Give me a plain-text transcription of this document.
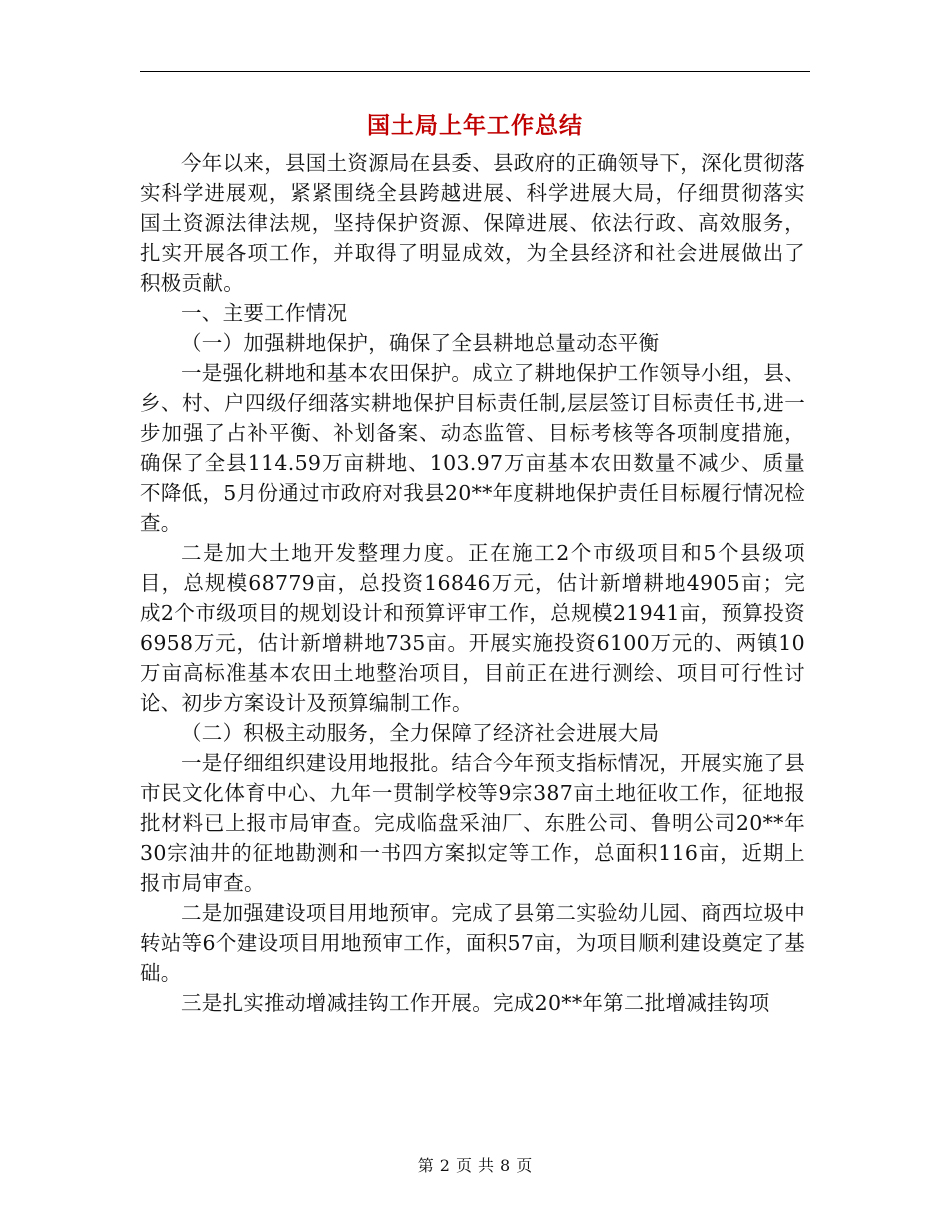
国土局上年工作总结

今年以来，县国土资源局在县委、县政府的正确领导下，深化贯彻落实科学进展观，紧紧围绕全县跨越进展、科学进展大局，仔细贯彻落实国土资源法律法规，坚持保护资源、保障进展、依法行政、高效服务，扎实开展各项工作，并取得了明显成效，为全县经济和社会进展做出了积极贡献。

一、主要工作情况

（一）加强耕地保护，确保了全县耕地总量动态平衡

一是强化耕地和基本农田保护。成立了耕地保护工作领导小组，县、乡、村、户四级仔细落实耕地保护目标责任制,层层签订目标责任书,进一步加强了占补平衡、补划备案、动态监管、目标考核等各项制度措施，确保了全县114.59万亩耕地、103.97万亩基本农田数量不减少、质量不降低，5月份通过市政府对我县20**年度耕地保护责任目标履行情况检查。

二是加大土地开发整理力度。正在施工2个市级项目和5个县级项目，总规模68779亩，总投资16846万元，估计新增耕地4905亩；完成2个市级项目的规划设计和预算评审工作，总规模21941亩，预算投资6958万元，估计新增耕地735亩。开展实施投资6100万元的、两镇10万亩高标准基本农田土地整治项目，目前正在进行测绘、项目可行性讨论、初步方案设计及预算编制工作。

（二）积极主动服务，全力保障了经济社会进展大局

一是仔细组织建设用地报批。结合今年预支指标情况，开展实施了县市民文化体育中心、九年一贯制学校等9宗387亩土地征收工作，征地报批材料已上报市局审查。完成临盘采油厂、东胜公司、鲁明公司20**年30宗油井的征地勘测和一书四方案拟定等工作，总面积116亩，近期上报市局审查。

二是加强建设项目用地预审。完成了县第二实验幼儿园、商西垃圾中转站等6个建设项目用地预审工作，面积57亩，为项目顺利建设奠定了基础。

三是扎实推动增减挂钩工作开展。完成20**年第二批增减挂钩项

第 2 页 共 8 页
